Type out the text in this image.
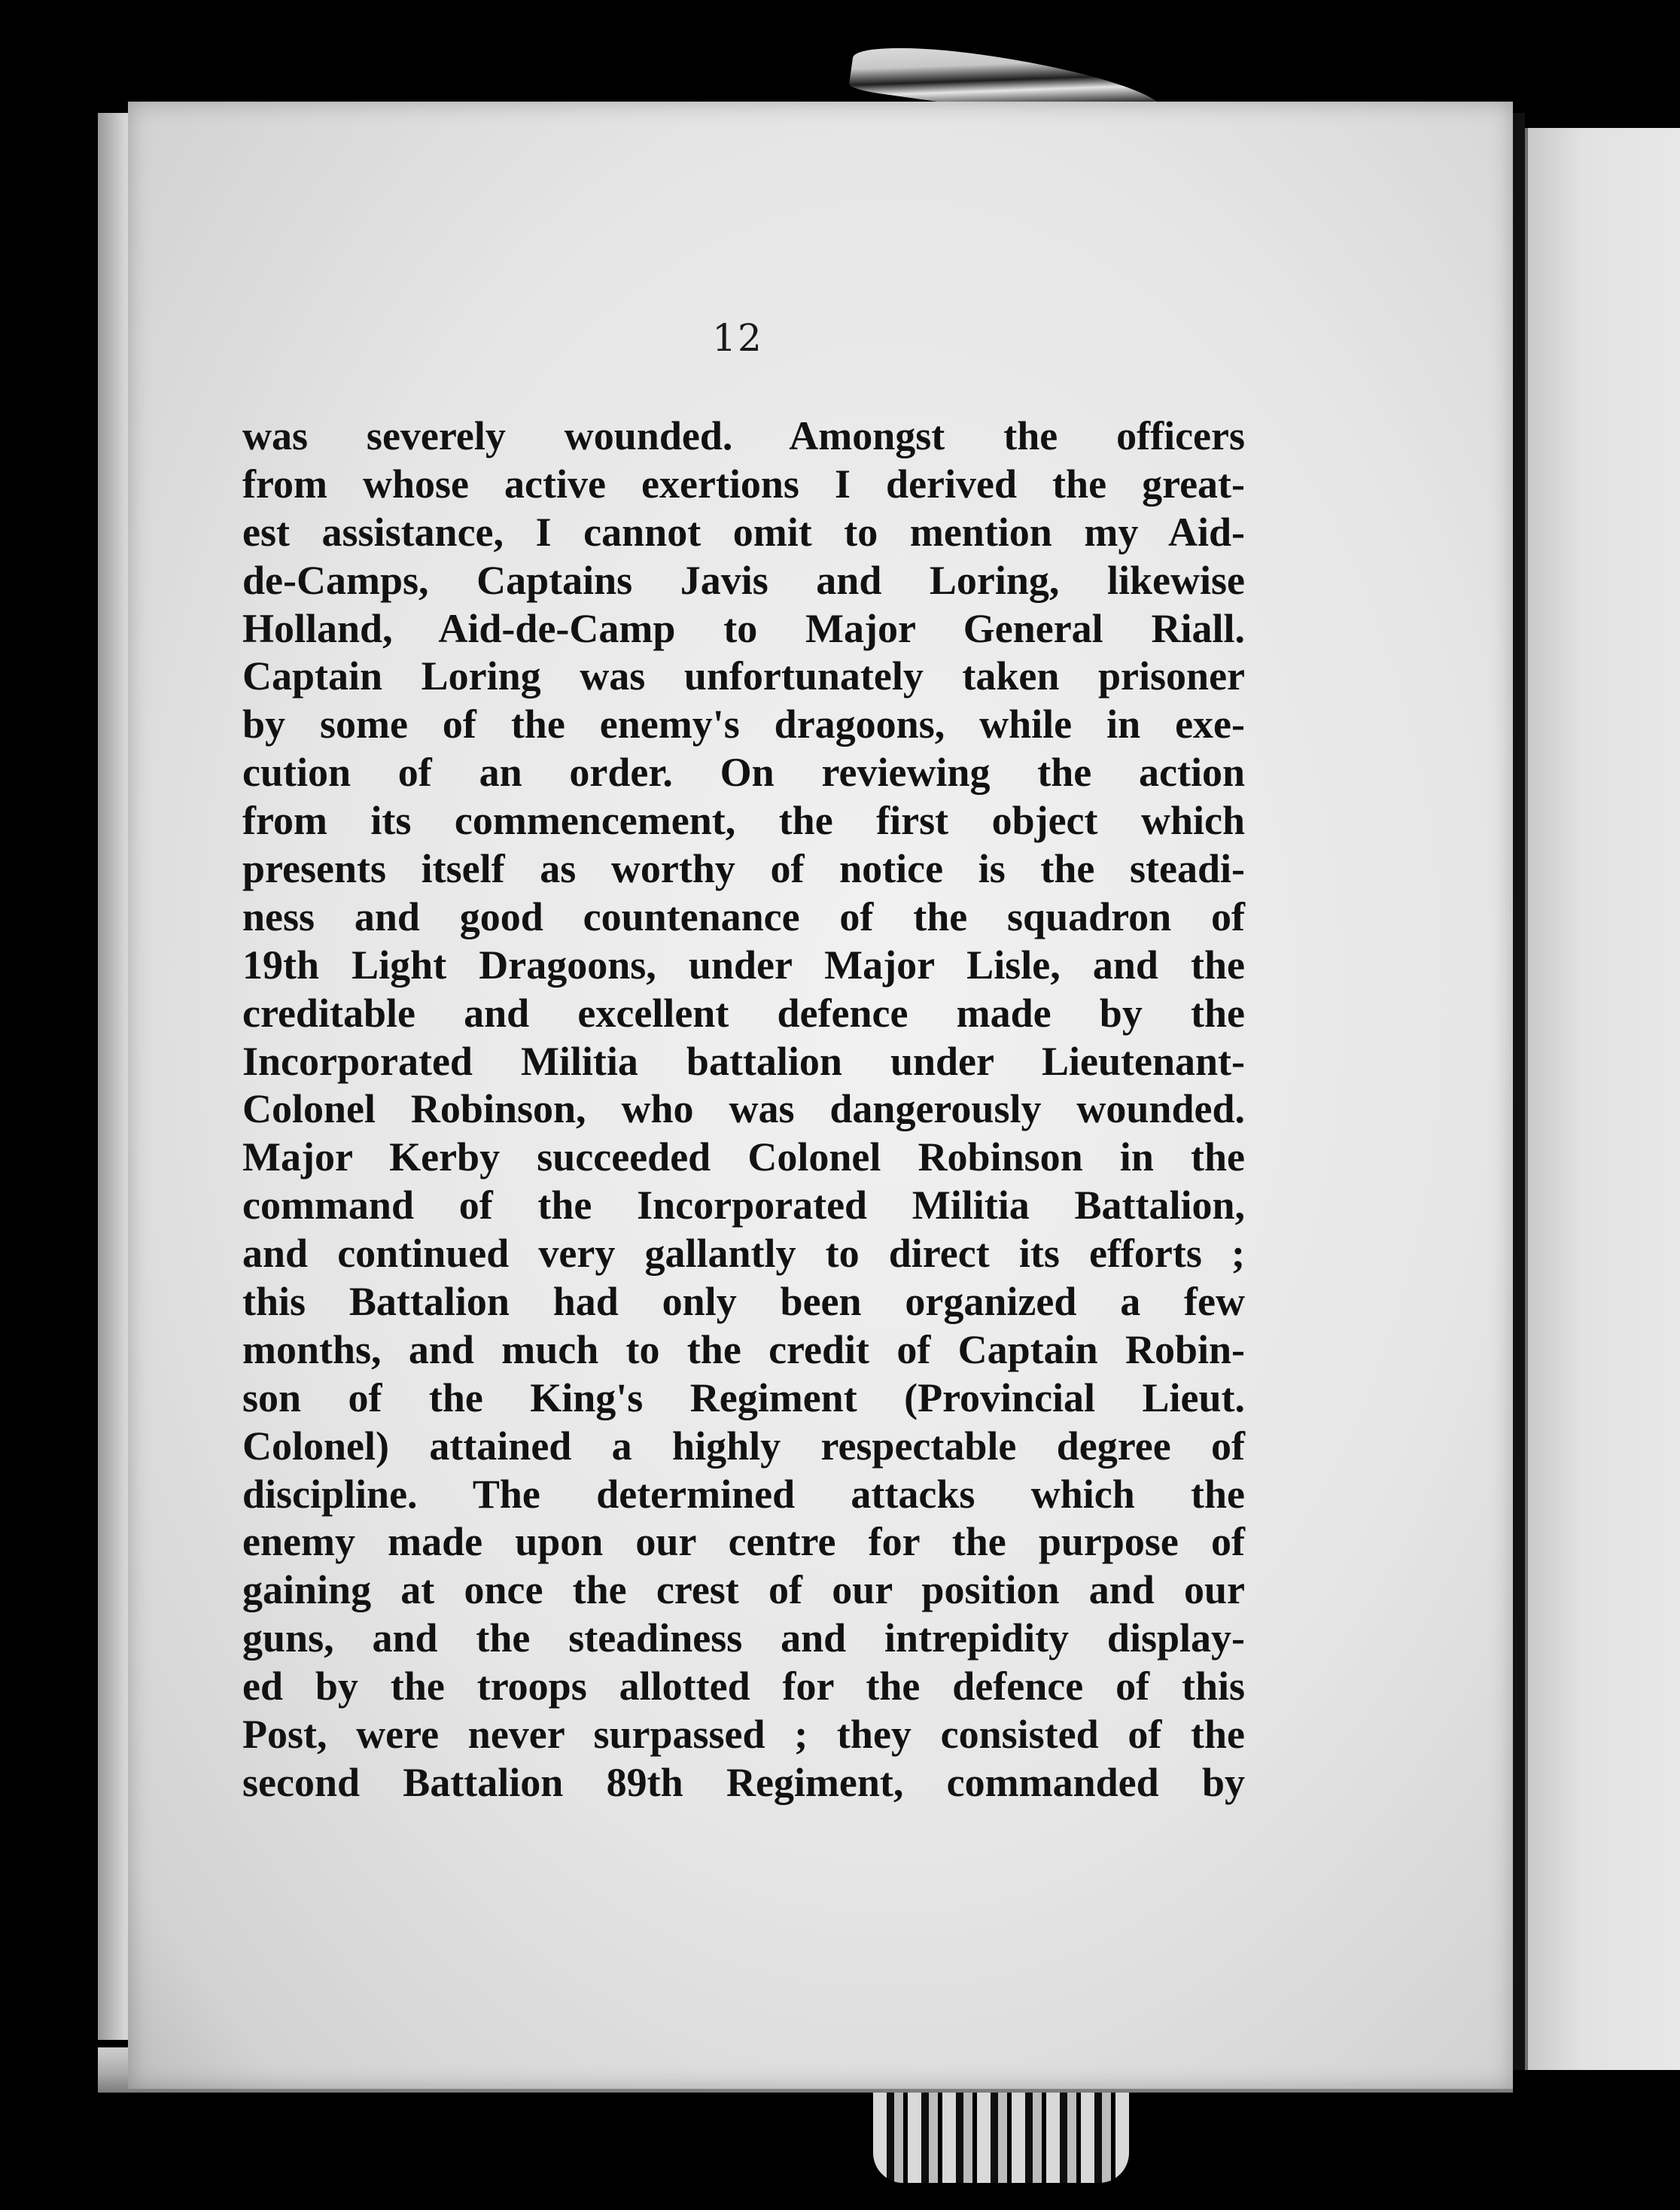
12
was severely wounded. Amongst the officers
from whose active exertions I derived the great-
est assistance, I cannot omit to mention my Aid-
de-Camps, Captains Javis and Loring, likewise
Holland, Aid-de-Camp to Major General Riall.
Captain Loring was unfortunately taken prisoner
by some of the enemy's dragoons, while in exe-
cution of an order. On reviewing the action
from its commencement, the first object which
presents itself as worthy of notice is the steadi-
ness and good countenance of the squadron of
19th Light Dragoons, under Major Lisle, and the
creditable and excellent defence made by the
Incorporated Militia battalion under Lieutenant-
Colonel Robinson, who was dangerously wounded.
Major Kerby succeeded Colonel Robinson in the
command of the Incorporated Militia Battalion,
and continued very gallantly to direct its efforts ;
this Battalion had only been organized a few
months, and much to the credit of Captain Robin-
son of the King's Regiment (Provincial Lieut.
Colonel) attained a highly respectable degree of
discipline. The determined attacks which the
enemy made upon our centre for the purpose of
gaining at once the crest of our position and our
guns, and the steadiness and intrepidity display-
ed by the troops allotted for the defence of this
Post, were never surpassed ; they consisted of the
second Battalion 89th Regiment, commanded by
